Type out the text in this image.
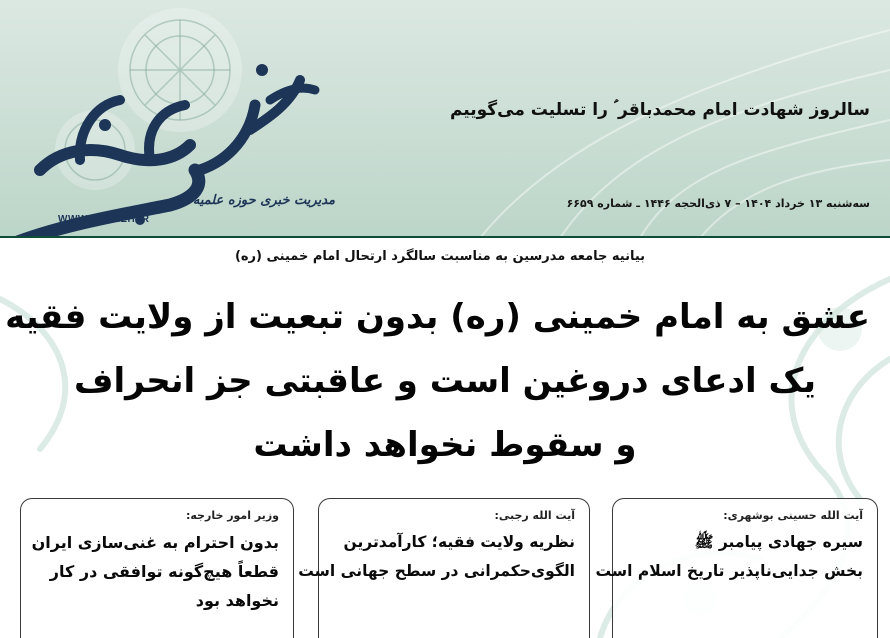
مدیریت خبری حوزه علمیه
WWW.JAMEEH.IR
سالروز شهادت امام محمدباقر ؑ را تسلیت می‌گوییم
سه‌شنبه ۱۳ خرداد ۱۴۰۴ – ۷ ذی‌الحجه ۱۴۴۶ ـ شماره ۶۶۵۹
بیانیه جامعه مدرسین به مناسبت سالگرد ارتحال امام خمینی (ره)
عشق به امام خمینی (ره) بدون تبعیت از ولایت فقیه
یک ادعای دروغین است و عاقبتی جز انحراف
و سقوط نخواهد داشت
آیت الله حسینی بوشهری:
سیره جهادی پیامبر ﷺ
بخش جدایی‌ناپذیر تاریخ اسلام است
آیت الله رجبی:
نظریه ولایت فقیه؛ کارآمدترین
الگوی‌حکمرانی در سطح جهانی است
وزیر امور خارجه:
بدون احترام به غنی‌سازی ایران
قطعاً هیچ‌گونه توافقی در کار
نخواهد بود
